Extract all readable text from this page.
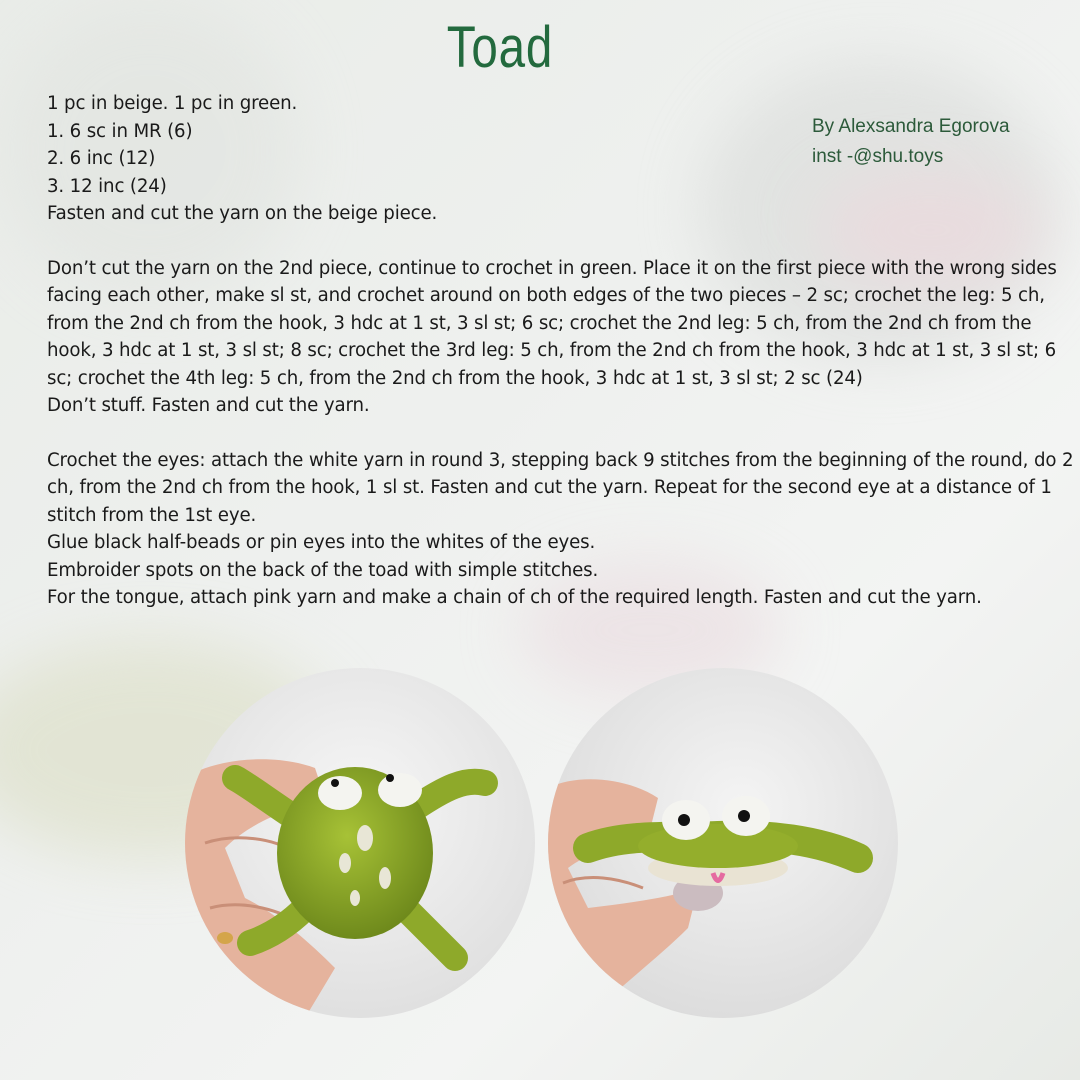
Toad
By Alexsandra Egorova
inst -@shu.toys

1 pc in beige. 1 pc in green.

1. 6 sc in MR (6)

2. 6 inc (12)

3. 12 inc (24)

Fasten and cut the yarn on the beige piece.

Don’t cut the yarn on the 2nd piece, continue to crochet in green. Place it on the first piece with the wrong sides facing each other, make sl st, and crochet around on both edges of the two pieces – 2 sc; crochet the leg: 5 ch, from the 2nd ch from the hook, 3 hdc at 1 st, 3 sl st; 6 sc; crochet the 2nd leg: 5 ch, from the 2nd ch from the hook, 3 hdc at 1 st, 3 sl st; 8 sc; crochet the 3rd leg: 5 ch, from the 2nd ch from the hook, 3 hdc at 1 st, 3 sl st; 6 sc; crochet the 4th leg: 5 ch, from the 2nd ch from the hook, 3 hdc at 1 st, 3 sl st; 2 sc (24)

Don’t stuff. Fasten and cut the yarn.

Crochet the eyes: attach the white yarn in round 3, stepping back 9 stitches from the beginning of the round, do 2 ch, from the 2nd ch from the hook, 1 sl st. Fasten and cut the yarn. Repeat for the second eye at a distance of 1 stitch from the 1st eye.

Glue black half-beads or pin eyes into the whites of the eyes.

Embroider spots on the back of the toad with simple stitches.

For the tongue, attach pink yarn and make a chain of ch of the required length. Fasten and cut the yarn.
